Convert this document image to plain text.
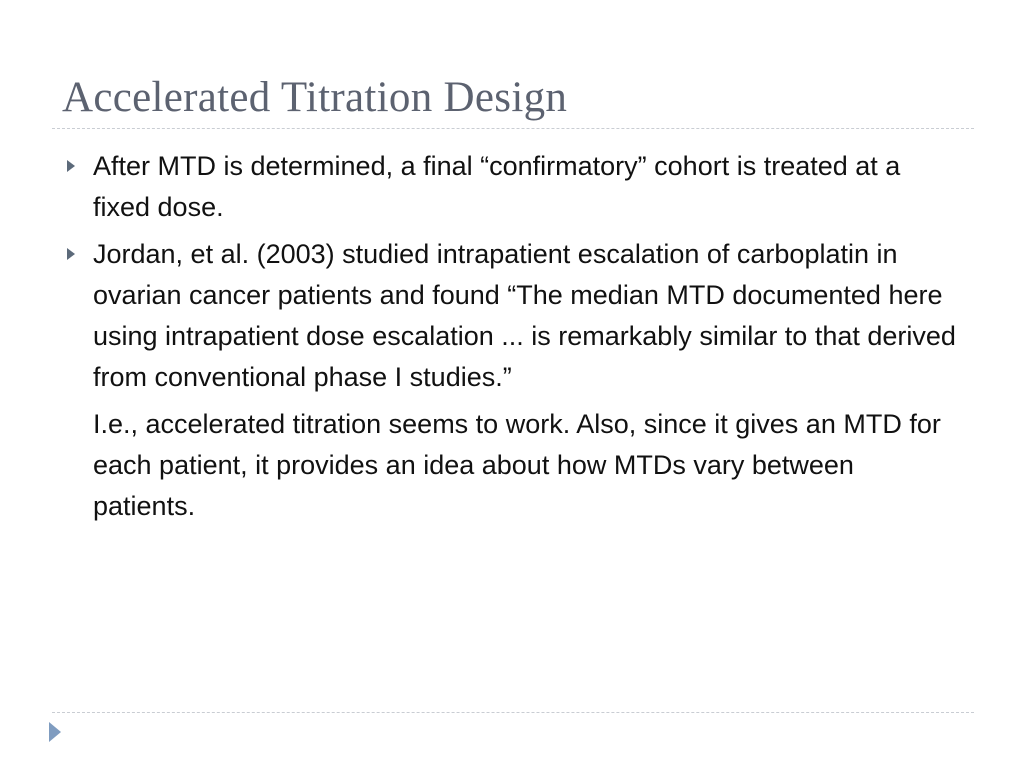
Accelerated Titration Design
After MTD is determined, a final “confirmatory” cohort is treated at a fixed dose.
Jordan, et al. (2003) studied intrapatient escalation of carboplatin in ovarian cancer patients and found “The median MTD documented here using intrapatient dose escalation ... is remarkably similar to that derived from conventional phase I studies.”
I.e., accelerated titration seems to work. Also, since it gives an MTD for each patient, it provides an idea about how MTDs vary between patients.
